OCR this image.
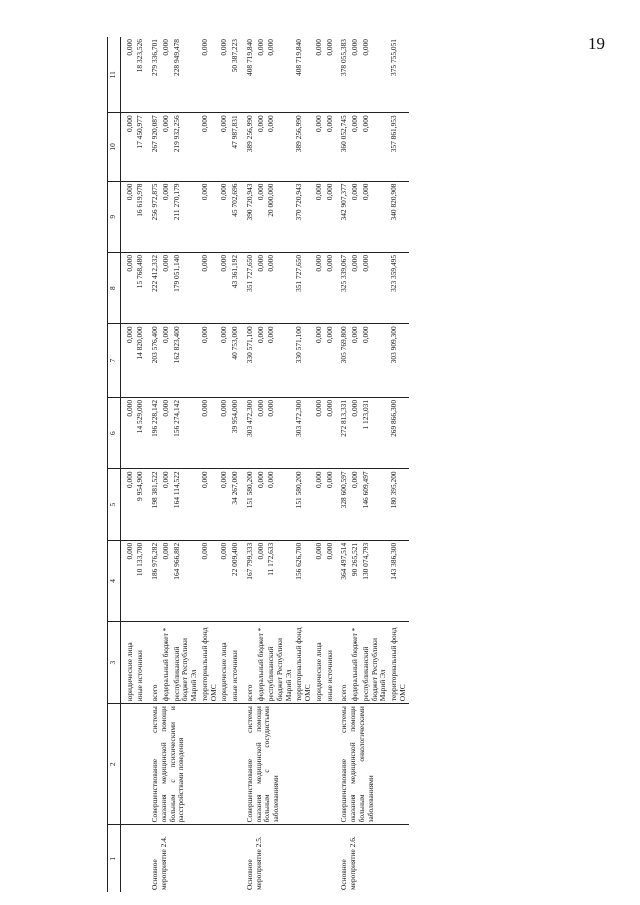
19
1	2	3	4	5	6	7	8	9	10	11
		юридические лица	0,000	0,000	0,000	0,000	0,000	0,000	0,000	0,000
		иные источники	10 133,700	9 954,900	14 529,000	14 820,000	15 768,480	16 619,978	17 450,977	18 323,526
Основное мероприятие 2.4.	Совершенствование системы оказания медицинской помощи больным с психическими и расстройствами поведения	всего	186 976,282	198 381,522	196 228,142	203 576,400	222 412,332	256 972,875	267 920,087	279 336,701
		федеральный бюджет *	0,000	0,000	0,000	0,000	0,000	0,000	0,000	0,000
		республиканский бюджет Республики Марий Эл	164 966,882	164 114,522	156 274,142	162 823,400	179 051,140	211 270,179	219 932,256	228 949,478
		территориальный фонд ОМС	0,000	0,000	0,000	0,000	0,000	0,000	0,000	0,000
		юридические лица	0,000	0,000	0,000	0,000	0,000	0,000	0,000	0,000
		иные источники	22 009,400	34 267,000	39 954,000	40 753,000	43 361,192	45 702,696	47 987,831	50 387,223
Основное мероприятие 2.5.	Совершенствование системы оказания медицинской помощи больным с сосудистыми заболеваниями	всего	167 799,333	151 580,200	303 472,300	330 571,100	351 727,650	390 720,943	389 256,990	408 719,840
		федеральный бюджет *	0,000	0,000	0,000	0,000	0,000	0,000	0,000	0,000
		республиканский бюджет Республики Марий Эл	11 172,633	0,000	0,000	0,000	0,000	20 000,000	0,000	0,000
		территориальный фонд ОМС	156 626,700	151 580,200	303 472,300	330 571,100	351 727,650	370 720,943	389 256,990	408 719,840
		юридические лица	0,000	0,000	0,000	0,000	0,000	0,000	0,000	0,000
		иные источники	0,000	0,000	0,000	0,000	0,000	0,000	0,000	0,000
Основное мероприятие 2.6.	Совершенствование системы оказания медицинской помощи больным онкологическими заболеваниями	всего	364 497,514	328 600,597	272 813,331	305 769,800	325 339,067	342 907,377	360 052,745	378 055,383
		федеральный бюджет *	90 265,521	0,000	0,000	0,000	0,000	0,000	0,000	0,000
		республиканский бюджет Республики Марий Эл	130 074,793	146 609,497	1 123,031	0,000	0,000	0,000	0,000	0,000
		территориальный фонд ОМС	143 386,300	180 395,200	269 866,300	303 909,300	323 359,495	340 820,908	357 861,953	375 755,051
